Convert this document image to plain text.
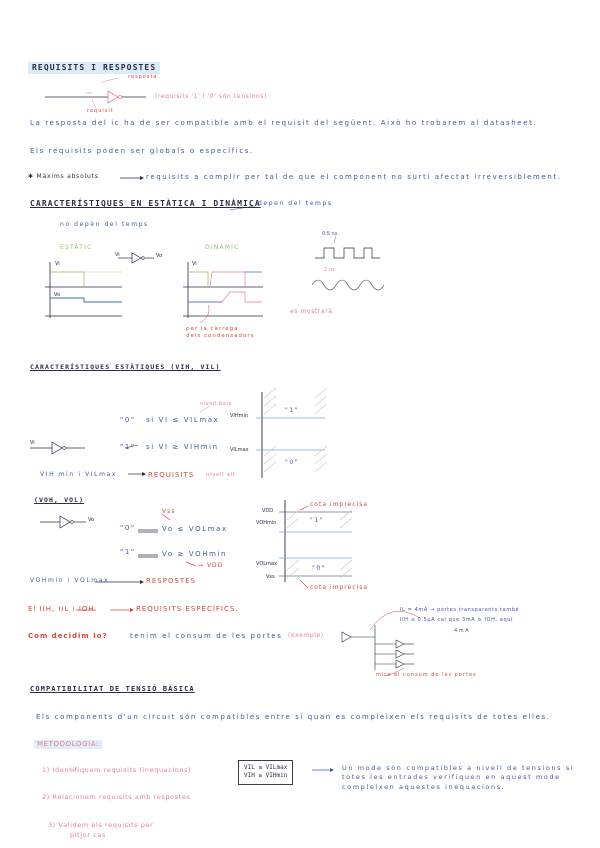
REQUISITS I RESPOSTES
resposta
requisit
(requisits '1' i '0' són tensions)
La resposta del ic ha de ser compatible amb el requisit del següent. Això ho trobarem al datasheet.
Els requisits poden ser globals o específics.
✱ Màxims absoluts	requisits a complir per tal de que el component no surti afectat irreversiblement.
CARACTERÍSTIQUES EN ESTÀTICA I DINÀMICA
depen del temps
no depèn del temps
ESTÀTIC	DINÀMIC
Vi
Vo
Vi	Vo
Vi
0.5 ns
2 ns
per la càrrega dels condensadors
es mostrarà
CARACTERÍSTIQUES ESTÀTIQUES (VIH, VIL)
nivell baix
"0" si VI ≤ VILmax
"1" si VI ≥ VIHmin
Vi
VIHmin
VILmax
"1"
"0"
VIH min i VILmax	REQUISITS nivell alt
(VOH, VOL)
Vo
"0"	Vo ≤ VOLmax
Vss
"1"	Vo ≥ VOHmin
→ VDD
VOHmin i VOLmax	RESPOSTES
cota imprecisa
cota imprecisa
VDD
VOHmin
VOLmax
Vss
"1"
"0"
El IIH, IIL i IOH	REQUISITS ESPECÍFICS.
Com decidim Io?	tenim el consum de les portes (exemple)
IL = 4mA → portes transparents també
IIH ≤ 0.5μA cal que 3mA ≥ IOH, aquí
4mA
mira el consum de les portes
COMPATIBILITAT DE TENSIÓ BÀSICA
Els components d'un circuit són compatibles entre sí quan es compleixen els requisits de totes elles.
METODOLOGIA:
1) Identifiquem requisits (inequacions)
2) Relacionem requisits amb respostes
3) Validem els requisits per
pitjor cas
VIL ≤ VILmax
VIH ≥ VIHmin
Un mode són compatibles a nivell de tensions si totes les entrades verifiquen en aquest mode compleixen aquestes inequacions.
